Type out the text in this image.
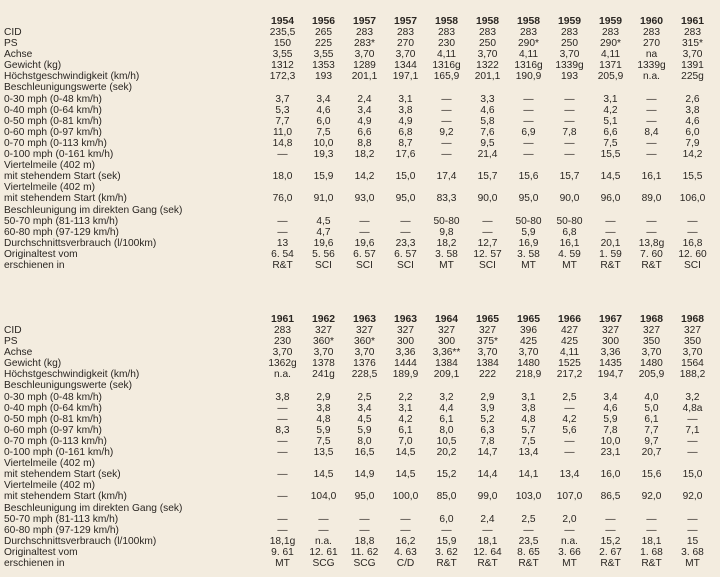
	1954	1956	1957	1957	1958	1958	1958	1959	1959	1960	1961
CID	235,5	265	283	283	283	283	283	283	283	283	283
PS	150	225	283*	270	230	250	290*	250	290*	270	315*
Achse	3,55	3,55	3,70	3,70	4,11	3,70	4,11	3,70	4,11	na	3,70
Gewicht (kg)	1312	1353	1289	1344	1316g	1322	1316g	1339g	1371	1339g	1391
Höchstgeschwindigkeit (km/h)	172,3	193	201,1	197,1	165,9	201,1	190,9	193	205,9	n.a.	225g
Beschleunigungswerte (sek)											
0-30 mph (0-48 km/h)	3,7	3,4	2,4	3,1	—	3,3	—	—	3,1	—	2,6
0-40 mph (0-64 km/h)	5,3	4,6	3,4	3,8	—	4,6	—	—	4,2	—	3,8
0-50 mph (0-81 km/h)	7,7	6,0	4,9	4,9	—	5,8	—	—	5,1	—	4,6
0-60 mph (0-97 km/h)	11,0	7,5	6,6	6,8	9,2	7,6	6,9	7,8	6,6	8,4	6,0
0-70 mph (0-113 km/h)	14,8	10,0	8,8	8,7	—	9,5	—	—	7,5	—	7,9
0-100 mph (0-161 km/h)	—	19,3	18,2	17,6	—	21,4	—	—	15,5	—	14,2
Viertelmeile (402 m)											
mit stehendem Start (sek)	18,0	15,9	14,2	15,0	17,4	15,7	15,6	15,7	14,5	16,1	15,5
Viertelmeile (402 m)											
mit stehendem Start (km/h)	76,0	91,0	93,0	95,0	83,3	90,0	95,0	90,0	96,0	89,0	106,0
Beschleunigung im direkten Gang (sek)											
50-70 mph (81-113 km/h)	—	4,5	—	—	50-80	—	50-80	50-80	—	—	—
60-80 mph (97-129 km/h)	—	4,7	—	—	9,8	—	5,9	6,8	—	—	—
Durchschnittsverbrauch (l/100km)	13	19,6	19,6	23,3	18,2	12,7	16,9	16,1	20,1	13,8g	16,8
Originaltest vom	6. 54	5. 56	6. 57	6. 57	3. 58	12. 57	3. 58	4. 59	1. 59	7. 60	12. 60
erschienen in	R&T	SCI	SCI	SCI	MT	SCI	MT	MT	R&T	R&T	SCI
	1961	1962	1963	1963	1964	1965	1965	1966	1967	1968	1968
CID	283	327	327	327	327	327	396	427	327	327	327
PS	230	360*	360*	300	300	375*	425	425	300	350	350
Achse	3,70	3,70	3,70	3,36	3,36**	3,70	3,70	4,11	3,36	3,70	3,70
Gewicht (kg)	1362g	1378	1376	1444	1384	1384	1480	1525	1435	1480	1564
Höchstgeschwindigkeit (km/h)	n.a.	241g	228,5	189,9	209,1	222	218,9	217,2	194,7	205,9	188,2
Beschleunigungswerte (sek)											
0-30 mph (0-48 km/h)	3,8	2,9	2,5	2,2	3,2	2,9	3,1	2,5	3,4	4,0	3,2
0-40 mph (0-64 km/h)	—	3,8	3,4	3,1	4,4	3,9	3,8	—	4,6	5,0	4,8a
0-50 mph (0-81 km/h)	—	4,8	4,5	4,2	6,1	5,2	4,8	4,2	5,9	6,1	—
0-60 mph (0-97 km/h)	8,3	5,9	5,9	6,1	8,0	6,3	5,7	5,6	7,8	7,7	7,1
0-70 mph (0-113 km/h)	—	7,5	8,0	7,0	10,5	7,8	7,5	—	10,0	9,7	—
0-100 mph (0-161 km/h)	—	13,5	16,5	14,5	20,2	14,7	13,4	—	23,1	20,7	—
Viertelmeile (402 m)											
mit stehendem Start (sek)	—	14,5	14,9	14,5	15,2	14,4	14,1	13,4	16,0	15,6	15,0
Viertelmeile (402 m)											
mit stehendem Start (km/h)	—	104,0	95,0	100,0	85,0	99,0	103,0	107,0	86,5	92,0	92,0
Beschleunigung im direkten Gang (sek)											
50-70 mph (81-113 km/h)	—	—	—	—	6,0	2,4	2,5	2,0	—	—	—
60-80 mph (97-129 km/h)	—	—	—	—	—	—	—	—	—	—	—
Durchschnittsverbrauch (l/100km)	18,1g	n.a.	18,8	16,2	15,9	18,1	23,5	n.a.	15,2	18,1	15
Originaltest vom	9. 61	12. 61	11. 62	4. 63	3. 62	12. 64	8. 65	3. 66	2. 67	1. 68	3. 68
erschienen in	MT	SCG	SCG	C/D	R&T	R&T	R&T	MT	R&T	R&T	MT
